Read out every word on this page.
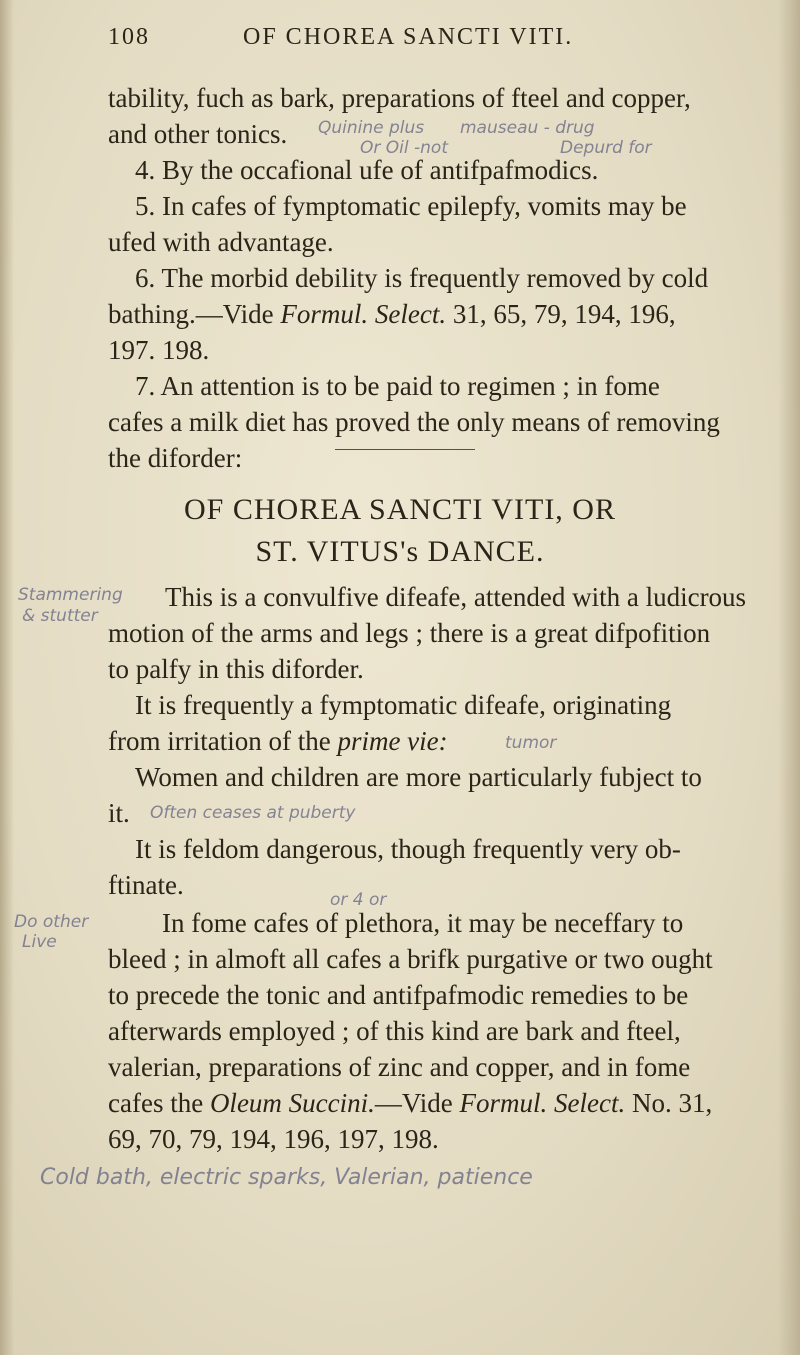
108	OF CHOREA SANCTI VITI.
tability, fuch as bark, preparations of fteel and copper,
and other tonics. Quinine plus mauseau - drug
Or Oil -not	Depurd for
4. By the occafional ufe of antifpafmodics.
5. In cafes of fymptomatic epilepfy, vomits may be
ufed with advantage.
6. The morbid debility is frequently removed by cold
bathing.—Vide Formul. Select. 31, 65, 79, 194, 196,
197. 198.
7. An attention is to be paid to regimen ; in fome
cafes a milk diet has proved the only means of removing
the diforder:
OF CHOREA SANCTI VITI, OR
ST. VITUS's DANCE.
Stammering
& stutter
This is a convulfive difeafe, attended with a ludicrous
motion of the arms and legs ; there is a great difpofition
to palfy in this diforder.
It is frequently a fymptomatic difeafe, originating
from irritation of the prime vie:	tumor
Women and children are more particularly fubject to
it. Often ceases at puberty
It is feldom dangerous, though frequently very ob-
ftinate.
Do other
Live
or 4 or
In fome cafes of plethora, it may be neceffary to
bleed ; in almoft all cafes a brifk purgative or two ought
to precede the tonic and antifpafmodic remedies to be
afterwards employed ; of this kind are bark and fteel,
valerian, preparations of zinc and copper, and in fome
cafes the Oleum Succini.—Vide Formul. Select. No. 31,
69, 70, 79, 194, 196, 197, 198.
Cold bath, electric sparks, Valerian, patience
